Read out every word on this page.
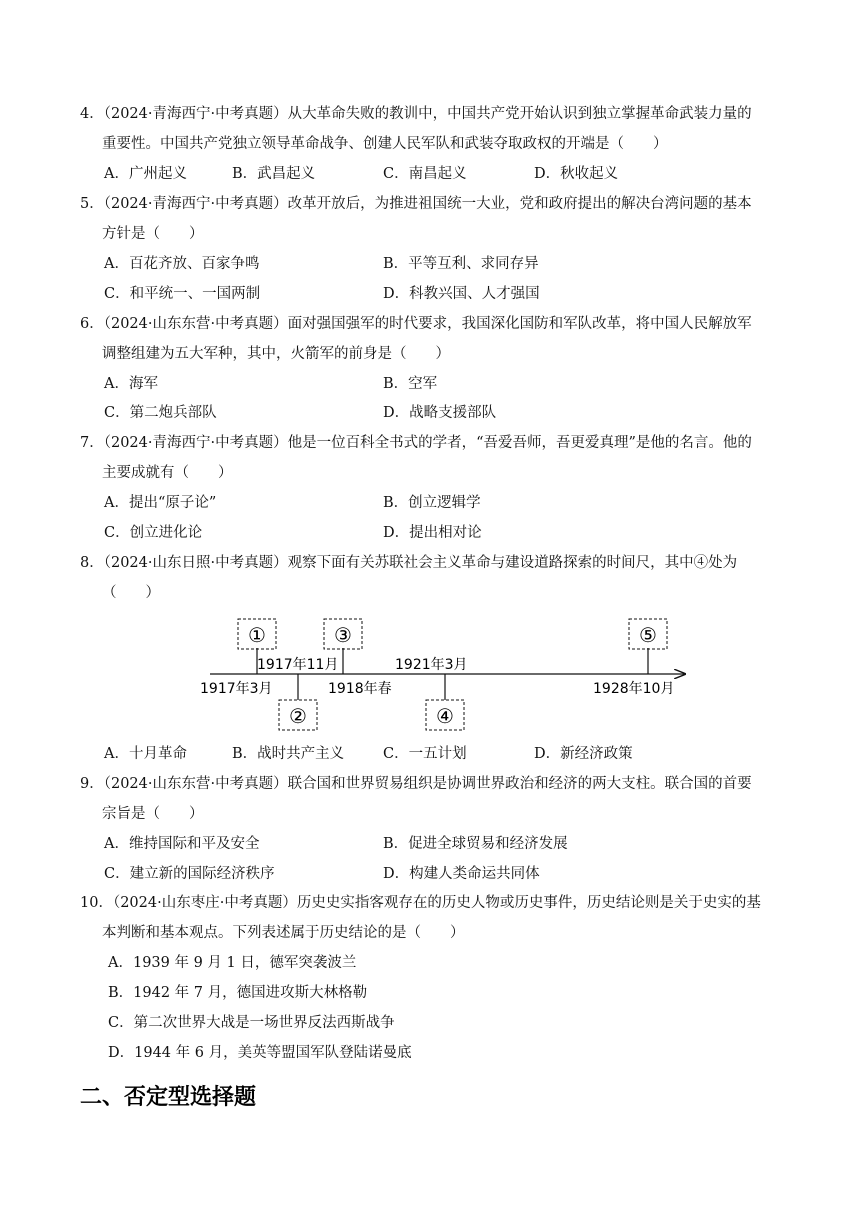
4．（2024·青海西宁·中考真题）从大革命失败的教训中，中国共产党开始认识到独立掌握革命武装力量的
重要性。中国共产党独立领导革命战争、创建人民军队和武装夺取政权的开端是（　　）
A．广州起义	B．武昌起义	C．南昌起义	D．秋收起义
5．（2024·青海西宁·中考真题）改革开放后，为推进祖国统一大业，党和政府提出的解决台湾问题的基本
方针是（　　）
A．百花齐放、百家争鸣	B．平等互利、求同存异
C．和平统一、一国两制	D．科教兴国、人才强国
6．（2024·山东东营·中考真题）面对强国强军的时代要求，我国深化国防和军队改革，将中国人民解放军
调整组建为五大军种，其中，火箭军的前身是（　　）
A．海军	B．空军
C．第二炮兵部队	D．战略支援部队
7．（2024·青海西宁·中考真题）他是一位百科全书式的学者，“吾爱吾师，吾更爱真理”是他的名言。他的
主要成就有（　　）
A．提出“原子论”	B．创立逻辑学
C．创立进化论	D．提出相对论
8．（2024·山东日照·中考真题）观察下面有关苏联社会主义革命与建设道路探索的时间尺，其中④处为
（　　）
①	③	⑤
②	④
1917年11月	1921年3月
1917年3月	1918年春	1928年10月
A．十月革命	B．战时共产主义	C．一五计划	D．新经济政策
9．（2024·山东东营·中考真题）联合国和世界贸易组织是协调世界政治和经济的两大支柱。联合国的首要
宗旨是（　　）
A．维持国际和平及安全	B．促进全球贸易和经济发展
C．建立新的国际经济秩序	D．构建人类命运共同体
10．（2024·山东枣庄·中考真题）历史史实指客观存在的历史人物或历史事件，历史结论则是关于史实的基
本判断和基本观点。下列表述属于历史结论的是（　　）
A．1939 年 9 月 1 日，德军突袭波兰
B．1942 年 7 月，德国进攻斯大林格勒
C．第二次世界大战是一场世界反法西斯战争
D．1944 年 6 月，美英等盟国军队登陆诺曼底
二、否定型选择题
